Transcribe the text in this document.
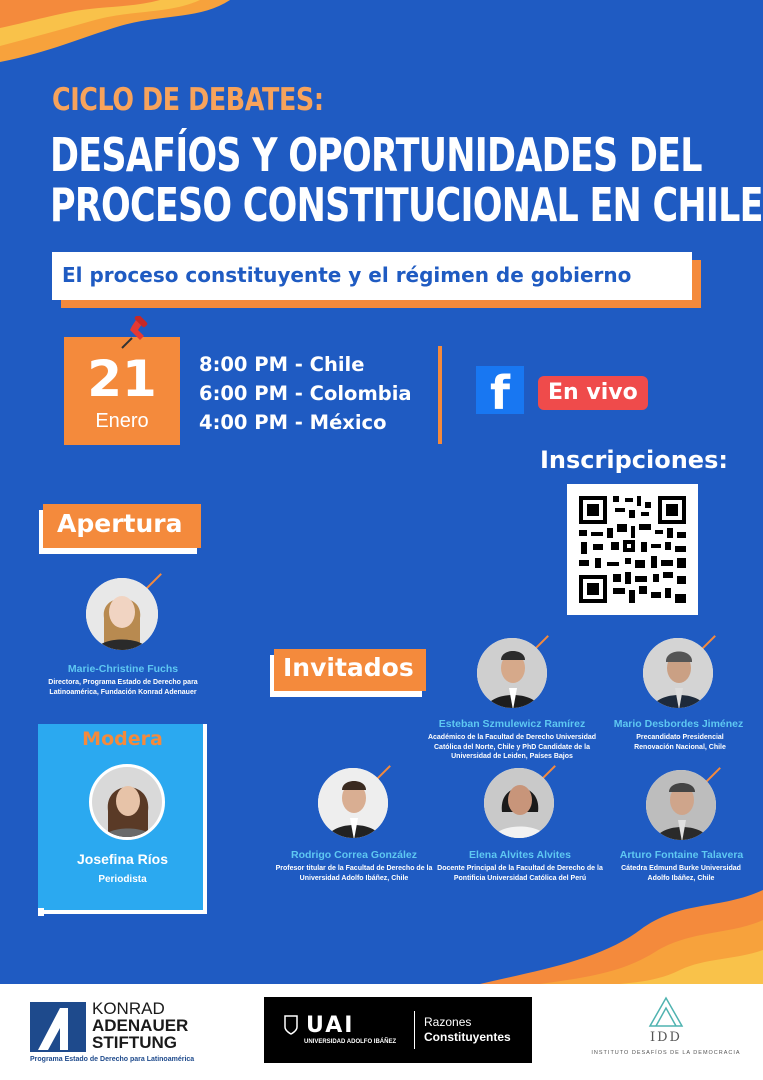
CICLO DE DEBATES:
DESAFÍOS Y OPORTUNIDADES DEL
PROCESO CONSTITUCIONAL EN CHILE
El proceso constituyente y el régimen de gobierno
21
Enero
8:00 PM - Chile
6:00 PM - Colombia
4:00 PM - México
f	En vivo
Inscripciones:
Apertura
Marie-Christine Fuchs
Directora, Programa Estado de Derecho para Latinoamérica, Fundación Konrad Adenauer
Modera
Josefina Ríos
Periodista
Invitados
Esteban Szmulewicz Ramírez
Académico de la Facultad de Derecho Universidad Católica del Norte, Chile y PhD Candidate de la Universidad de Leiden, Países Bajos
Mario Desbordes Jiménez
Precandidato Presidencial Renovación Nacional, Chile
Rodrigo Correa González
Profesor titular de la Facultad de Derecho de la Universidad Adolfo Ibáñez, Chile
Elena Alvites Alvites
Docente Principal de la Facultad de Derecho de la Pontificia Universidad Católica del Perú
Arturo Fontaine Talavera
Cátedra Edmund Burke Universidad Adolfo Ibáñez, Chile
KONRAD
ADENAUER
STIFTUNG
Programa Estado de Derecho para Latinoamérica
UAI
UNIVERSIDAD ADOLFO IBÁÑEZ
Razones
Constituyentes	IDD
INSTITUTO DESAFÍOS DE LA DEMOCRACIA
